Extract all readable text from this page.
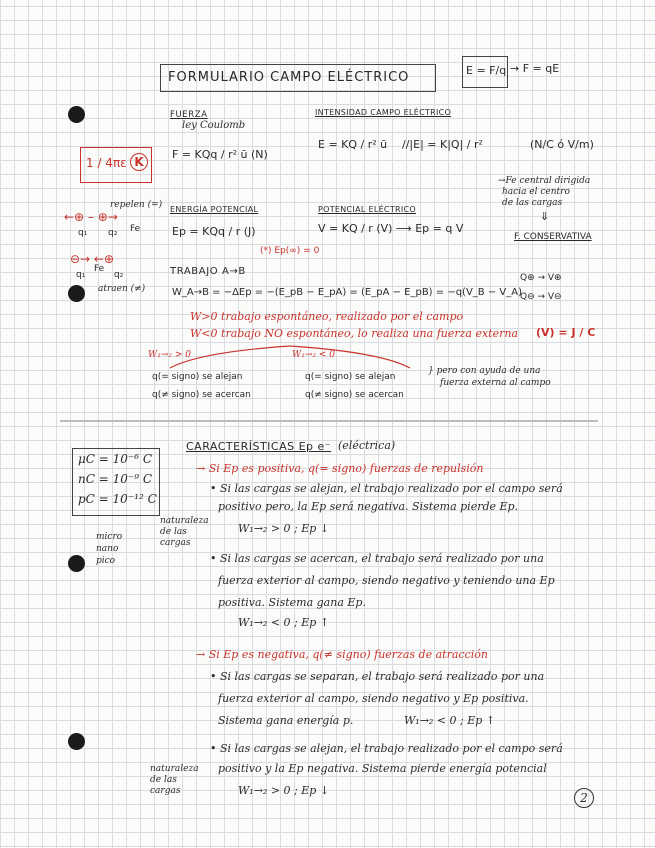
FORMULARIO CAMPO ELÉCTRICO	E = F/q → F = qE
1 / 4πε K
FUERZA
ley Coulomb
F = KQq / r² ū (N)
INTENSIDAD CAMPO ELÉCTRICO
E = KQ / r² ū //|E| = K|Q| / r²	(N/C ó V/m)
→Fe central dirigida
hacia el centro
de las cargas
⇓
F. CONSERVATIVA
repelen (=)
←⊕ – ⊕→
q₁ q₂ Fe
⊖→ ←⊕
q₁	q₂
Fe
atraen (≠)
ENERGÍA POTENCIAL
Ep = KQq / r (J)
(*) Ep(∞) = 0
POTENCIAL ELÉCTRICO
V = KQ / r (V) ⟶ Ep = q V
TRABAJO A→B
W_A→B = −ΔEp = −(E_pB − E_pA) = (E_pA − E_pB) = −q(V_B − V_A)
Q⊕ → V⊕
Q⊖ → V⊖
W>0 trabajo espontáneo, realizado por el campo
W<0 trabajo NO espontáneo, lo realiza una fuerza externa (V) = J / C
W₁→₂ > 0	W₁→₂ < 0
q(= signo) se alejan
q(≠ signo) se acercan
q(= signo) se alejan
q(≠ signo) se acercan
} pero con ayuda de una
fuerza externa al campo
μC = 10⁻⁶ C
nC = 10⁻⁹ C
pC = 10⁻¹² C
micro
nano
pico
CARACTERÍSTICAS Ep e⁻ (eléctrica)
→ Si Ep es positiva, q(= signo) fuerzas de repulsión
• Si las cargas se alejan, el trabajo realizado por el campo será
positivo pero, la Ep será negativa. Sistema pierde Ep.
W₁→₂ > 0 ; Ep ↓
naturaleza de las cargas
• Si las cargas se acercan, el trabajo será realizado por una
fuerza exterior al campo, siendo negativo y teniendo una Ep
positiva. Sistema gana Ep.
W₁→₂ < 0 ; Ep ↑
→ Si Ep es negativa, q(≠ signo) fuerzas de atracción
• Si las cargas se separan, el trabajo será realizado por una
fuerza exterior al campo, siendo negativo y Ep positiva.
Sistema gana energía p.	W₁→₂ < 0 ; Ep ↑
• Si las cargas se alejan, el trabajo realizado por el campo será
positivo y la Ep negativa. Sistema pierde energía potencial
W₁→₂ > 0 ; Ep ↓
naturaleza de las cargas	2
